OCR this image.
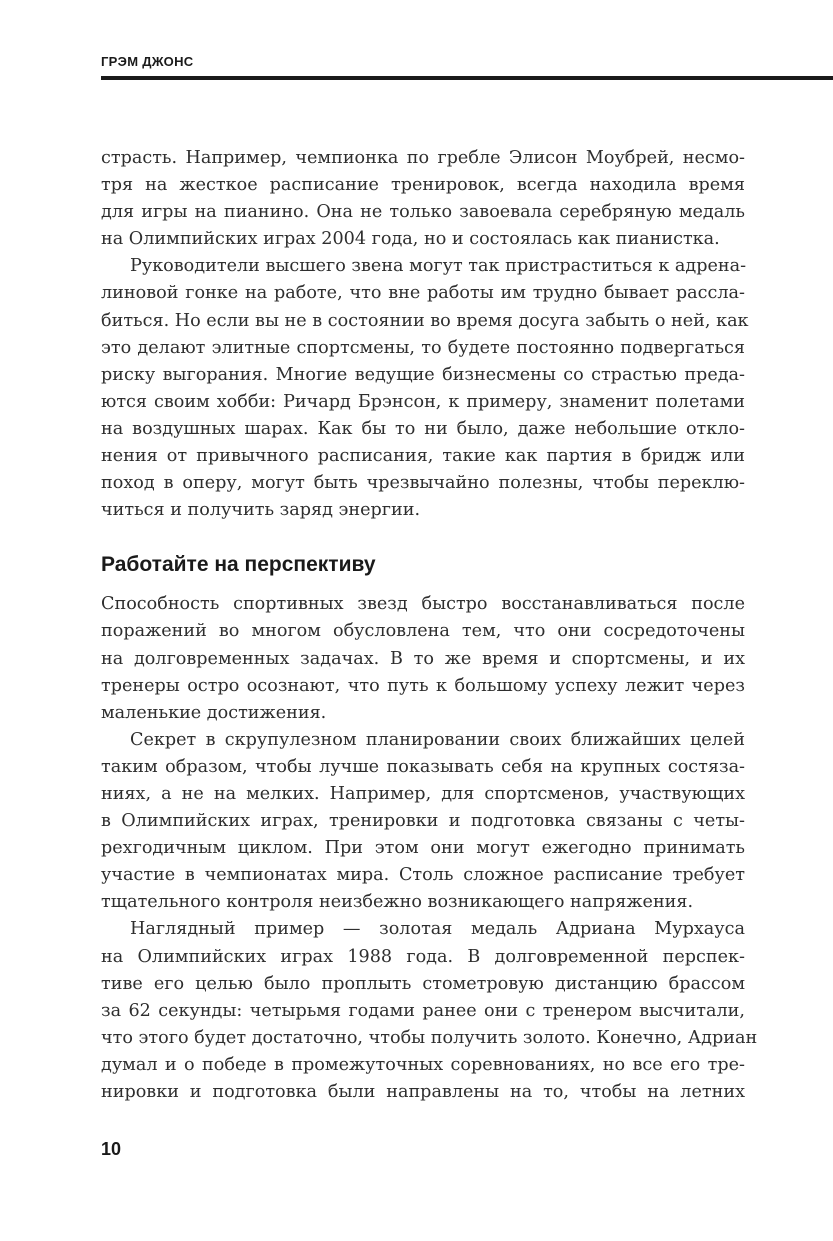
ГРЭМ ДЖОНС
страсть. Например, чемпионка по гребле Элисон Моубрей, несмо-
тря на жесткое расписание тренировок, всегда находила время
для игры на пианино. Она не только завоевала серебряную медаль
на Олимпийских играх 2004 года, но и состоялась как пианистка.
Руководители высшего звена могут так пристраститься к адрена-
линовой гонке на работе, что вне работы им трудно бывает рассла-
биться. Но если вы не в состоянии во время досуга забыть о ней, как
это делают элитные спортсмены, то будете постоянно подвергаться
риску выгорания. Многие ведущие бизнесмены со страстью преда-
ются своим хобби: Ричард Брэнсон, к примеру, знаменит полетами
на воздушных шарах. Как бы то ни было, даже небольшие откло-
нения от привычного расписания, такие как партия в бридж или
поход в оперу, могут быть чрезвычайно полезны, чтобы переклю-
читься и получить заряд энергии.
Работайте на перспективу
Способность спортивных звезд быстро восстанавливаться после
поражений во многом обусловлена тем, что они сосредоточены
на долговременных задачах. В то же время и спортсмены, и их
тренеры остро осознают, что путь к большому успеху лежит через
маленькие достижения.
Секрет в скрупулезном планировании своих ближайших целей
таким образом, чтобы лучше показывать себя на крупных состяза-
ниях, а не на мелких. Например, для спортсменов, участвующих
в Олимпийских играх, тренировки и подготовка связаны с четы-
рехгодичным циклом. При этом они могут ежегодно принимать
участие в чемпионатах мира. Столь сложное расписание требует
тщательного контроля неизбежно возникающего напряжения.
Наглядный пример — золотая медаль Адриана Мурхауса
на Олимпийских играх 1988 года. В долговременной перспек-
тиве его целью было проплыть стометровую дистанцию брассом
за 62 секунды: четырьмя годами ранее они с тренером высчитали,
что этого будет достаточно, чтобы получить золото. Конечно, Адриан
думал и о победе в промежуточных соревнованиях, но все его тре-
нировки и подготовка были направлены на то, чтобы на летних
10
